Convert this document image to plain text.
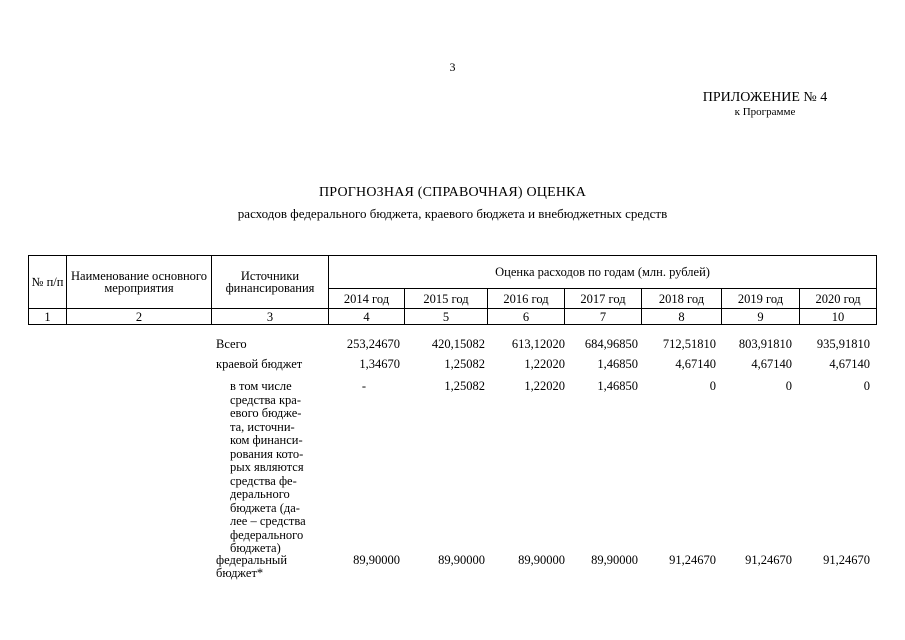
3
ПРИЛОЖЕНИЕ № 4
к Программе
ПРОГНОЗНАЯ (СПРАВОЧНАЯ) ОЦЕНКА
расходов федерального бюджета, краевого бюджета и внебюджетных средств
№ п/п	Наименование основного мероприятия	Источники финансирования	Оценка расходов по годам (млн. рублей)						
			2014 год	2015 год	2016 год	2017 год	2018 год	2019 год	2020 год
1	2	3	4	5	6	7	8	9	10
Всего	253,24670	420,15082	613,12020	684,96850	712,51810	803,91810	935,91810
краевой бюджет	1,34670	1,25082	1,22020	1,46850	4,67140	4,67140	4,67140
в том числе средства кра-
евого бюдже-
та, источни-
ком финанси-
рования кото-
рых являются
средства фе-
дерального
бюджета (да-
лее – средства
федерального
бюджета)
-	1,25082	1,22020	1,46850	0	0	0
федеральный
бюджет*
89,90000	89,90000	89,90000	89,90000	91,24670	91,24670	91,24670
